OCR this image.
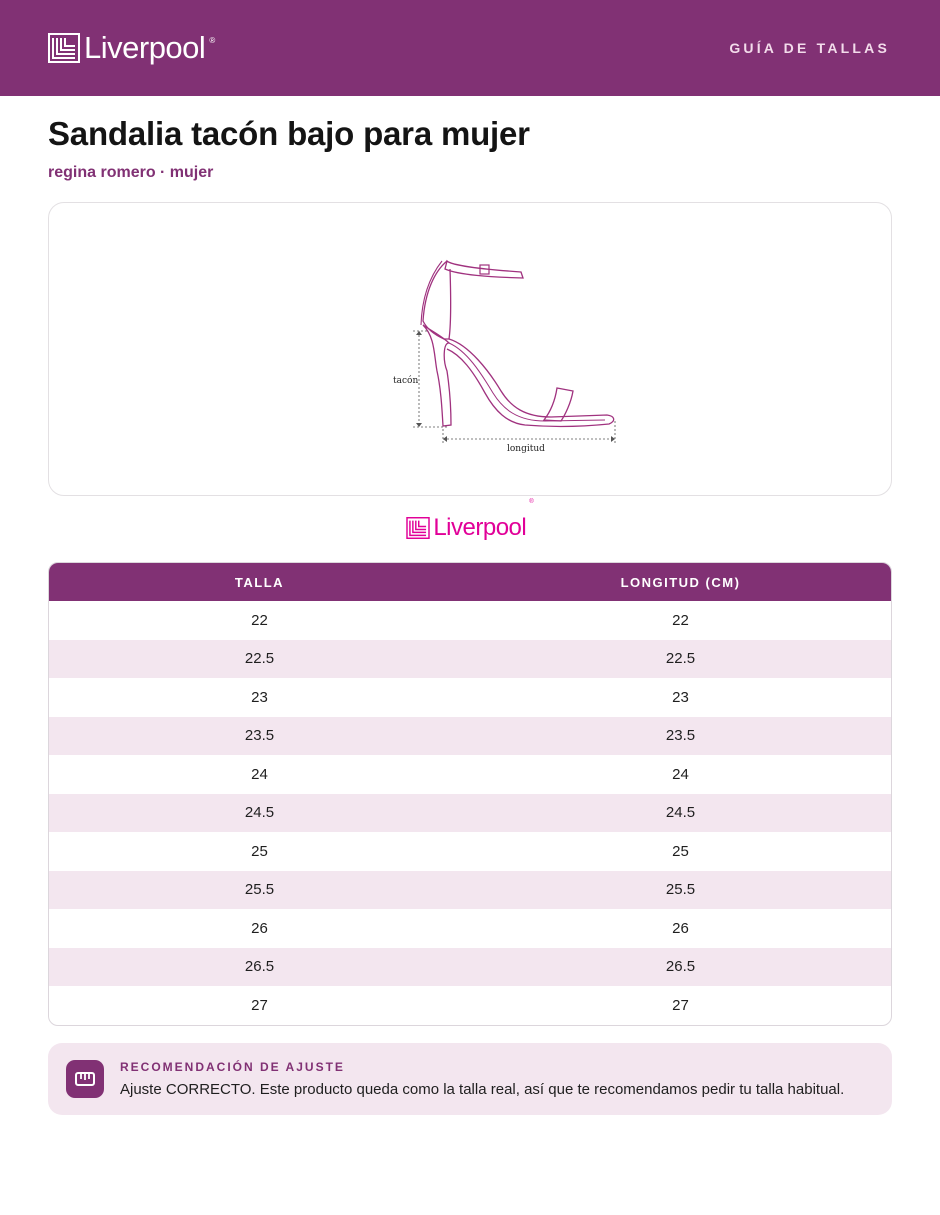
Liverpool ®	GUÍA DE TALLAS
Sandalia tacón bajo para mujer
regina romero · mujer
tacón
longitud
Liverpool
®
TALLA	LONGITUD (CM)
22	22
22.5	22.5
23	23
23.5	23.5
24	24
24.5	24.5
25	25
25.5	25.5
26	26
26.5	26.5
27	27
RECOMENDACIÓN DE AJUSTE
Ajuste CORRECTO. Este producto queda como la talla real, así que te recomendamos pedir tu talla habitual.
